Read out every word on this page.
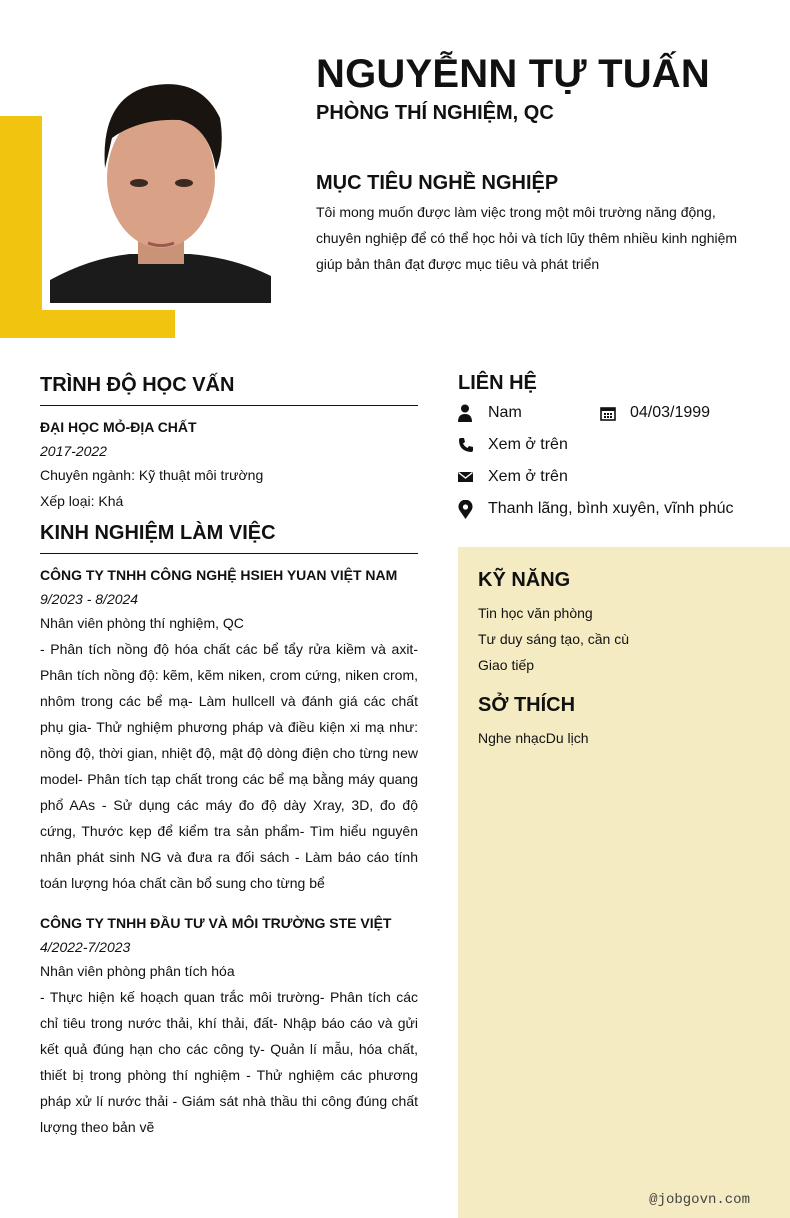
NGUYỄNN TỰ TUẤN
PHÒNG THÍ NGHIỆM, QC
MỤC TIÊU NGHỀ NGHIỆP

Tôi mong muốn được làm việc trong một môi trường năng động, chuyên nghiệp để có thể học hỏi và tích lũy thêm nhiều kinh nghiệm giúp bản thân đạt được mục tiêu và phát triển

TRÌNH ĐỘ HỌC VẤN
ĐẠI HỌC MỎ-ĐỊA CHẤT
2017-2022
Chuyên ngành: Kỹ thuật môi trường
Xếp loại: Khá
KINH NGHIỆM LÀM VIỆC
CÔNG TY TNHH CÔNG NGHỆ HSIEH YUAN VIỆT NAM
9/2023 - 8/2024
Nhân viên phòng thí nghiệm, QC
- Phân tích nồng độ hóa chất các bể tẩy rửa kiềm và axit- Phân tích nồng độ: kẽm, kẽm niken, crom cứng, niken crom, nhôm trong các bể mạ- Làm hullcell và đánh giá các chất phụ gia- Thử nghiệm phương pháp và điều kiện xi mạ như: nồng độ, thời gian, nhiệt độ, mật độ dòng điện cho từng new model- Phân tích tạp chất trong các bể mạ bằng máy quang phổ AAs - Sử dụng các máy đo độ dày Xray, 3D, đo độ cứng, Thước kẹp để kiểm tra sản phẩm- Tìm hiểu nguyên nhân phát sinh NG và đưa ra đối sách - Làm báo cáo tính toán lượng hóa chất cần bổ sung cho từng bể
CÔNG TY TNHH ĐẦU TƯ VÀ MÔI TRƯỜNG STE VIỆT
4/2022-7/2023
Nhân viên phòng phân tích hóa
- Thực hiện kế hoạch quan trắc môi trường- Phân tích các chỉ tiêu trong nước thải, khí thải, đất- Nhập báo cáo và gửi kết quả đúng hạn cho các công ty- Quản lí mẫu, hóa chất, thiết bị trong phòng thí nghiệm - Thử nghiệm các phương pháp xử lí nước thải - Giám sát nhà thầu thi công đúng chất lượng theo bản vẽ
LIÊN HỆ
Nam	04/03/1999
Xem ở trên
Xem ở trên
Thanh lãng, bình xuyên, vĩnh phúc
KỸ NĂNG
Tin học văn phòng
Tư duy sáng tạo, cần cù
Giao tiếp
SỞ THÍCH
Nghe nhạcDu lịch
@jobgovn.com
